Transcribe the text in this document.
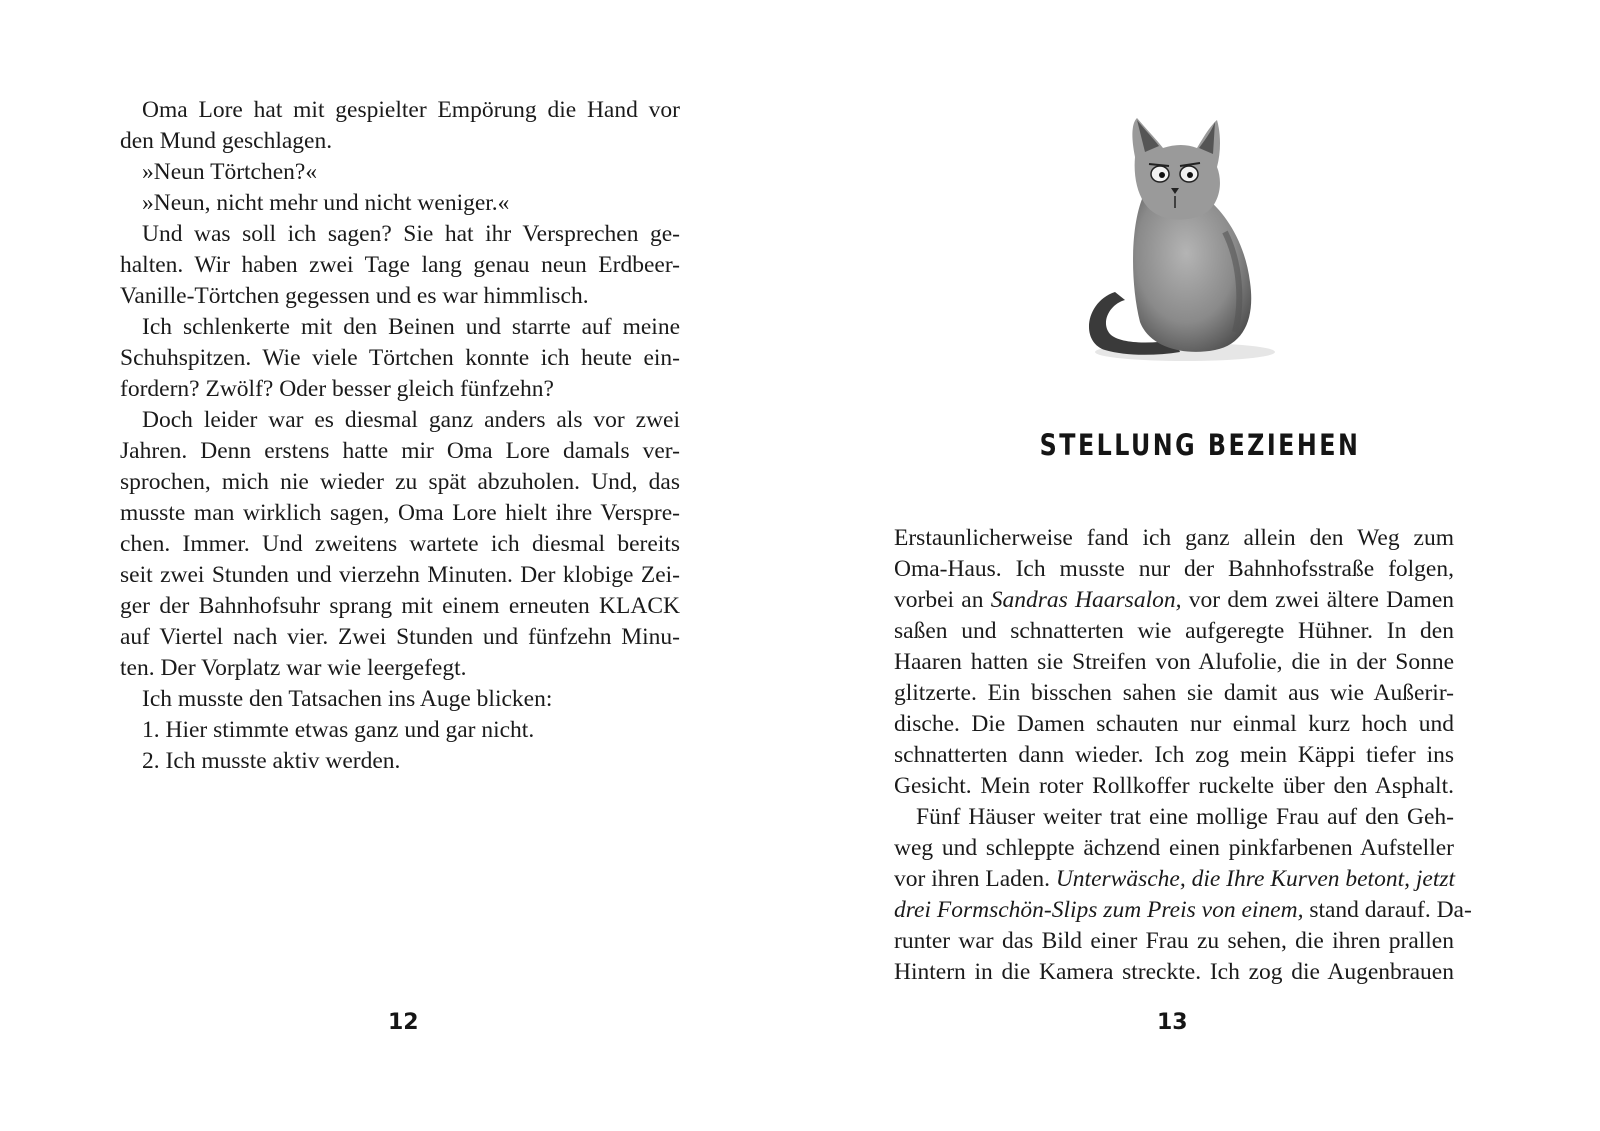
Oma Lore hat mit gespielter Empörung die Hand vor
den Mund geschlagen.
»Neun Törtchen?«
»Neun, nicht mehr und nicht weniger.«
Und was soll ich sagen? Sie hat ihr Versprechen ge-
halten. Wir haben zwei Tage lang genau neun Erdbeer-
Vanille-Törtchen gegessen und es war himmlisch.
Ich schlenkerte mit den Beinen und starrte auf meine
Schuhspitzen. Wie viele Törtchen konnte ich heute ein-
fordern? Zwölf? Oder besser gleich fünfzehn?
Doch leider war es diesmal ganz anders als vor zwei
Jahren. Denn erstens hatte mir Oma Lore damals ver-
sprochen, mich nie wieder zu spät abzuholen. Und, das
musste man wirklich sagen, Oma Lore hielt ihre Verspre-
chen. Immer. Und zweitens wartete ich diesmal bereits
seit zwei Stunden und vierzehn Minuten. Der klobige Zei-
ger der Bahnhofsuhr sprang mit einem erneuten KLACK
auf Viertel nach vier. Zwei Stunden und fünfzehn Minu-
ten. Der Vorplatz war wie leergefegt.
Ich musste den Tatsachen ins Auge blicken:
1. Hier stimmte etwas ganz und gar nicht.
2. Ich musste aktiv werden.
12
STELLUNG BEZIEHEN
Erstaunlicherweise fand ich ganz allein den Weg zum
Oma-Haus. Ich musste nur der Bahnhofsstraße folgen,
vorbei an Sandras Haarsalon, vor dem zwei ältere Damen
saßen und schnatterten wie aufgeregte Hühner. In den
Haaren hatten sie Streifen von Alufolie, die in der Sonne
glitzerte. Ein bisschen sahen sie damit aus wie Außerir-
dische. Die Damen schauten nur einmal kurz hoch und
schnatterten dann wieder. Ich zog mein Käppi tiefer ins
Gesicht. Mein roter Rollkoffer ruckelte über den Asphalt.
Fünf Häuser weiter trat eine mollige Frau auf den Geh-
weg und schleppte ächzend einen pinkfarbenen Aufsteller
vor ihren Laden. Unterwäsche, die Ihre Kurven betont, jetzt
drei Formschön-Slips zum Preis von einem, stand darauf. Da-
runter war das Bild einer Frau zu sehen, die ihren prallen
Hintern in die Kamera streckte. Ich zog die Augenbrauen
13
